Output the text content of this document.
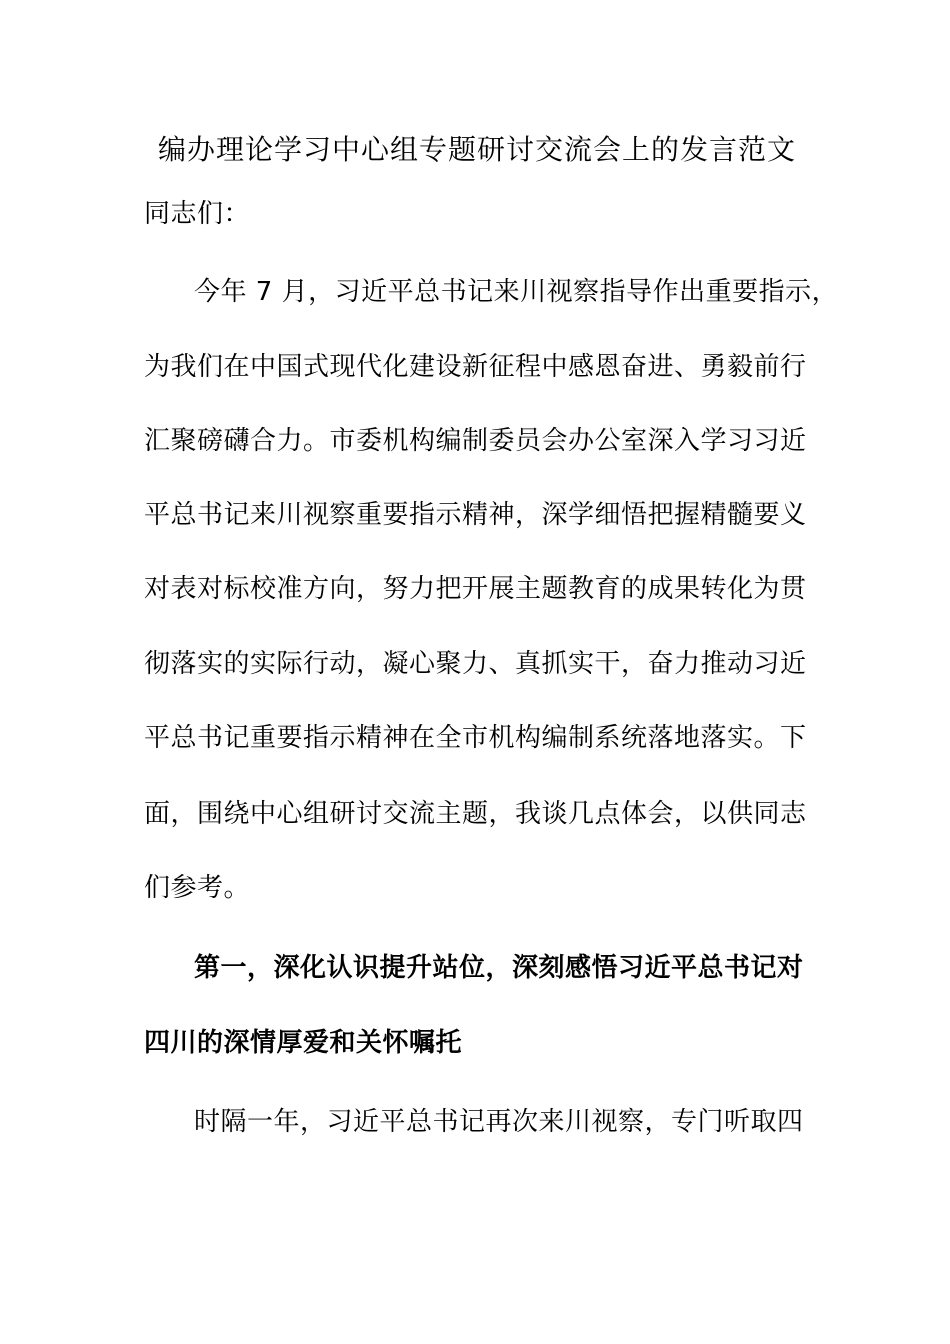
编办理论学习中心组专题研讨交流会上的发言范文
同志们：
今年 7 月，习近平总书记来川视察指导作出重要指示，
为我们在中国式现代化建设新征程中感恩奋进、勇毅前行
汇聚磅礴合力。市委机构编制委员会办公室深入学习习近
平总书记来川视察重要指示精神，深学细悟把握精髓要义
对表对标校准方向，努力把开展主题教育的成果转化为贯
彻落实的实际行动，凝心聚力、真抓实干，奋力推动习近
平总书记重要指示精神在全市机构编制系统落地落实。下
面，围绕中心组研讨交流主题，我谈几点体会，以供同志
们参考。
第一，深化认识提升站位，深刻感悟习近平总书记对
四川的深情厚爱和关怀嘱托
时隔一年，习近平总书记再次来川视察，专门听取四
